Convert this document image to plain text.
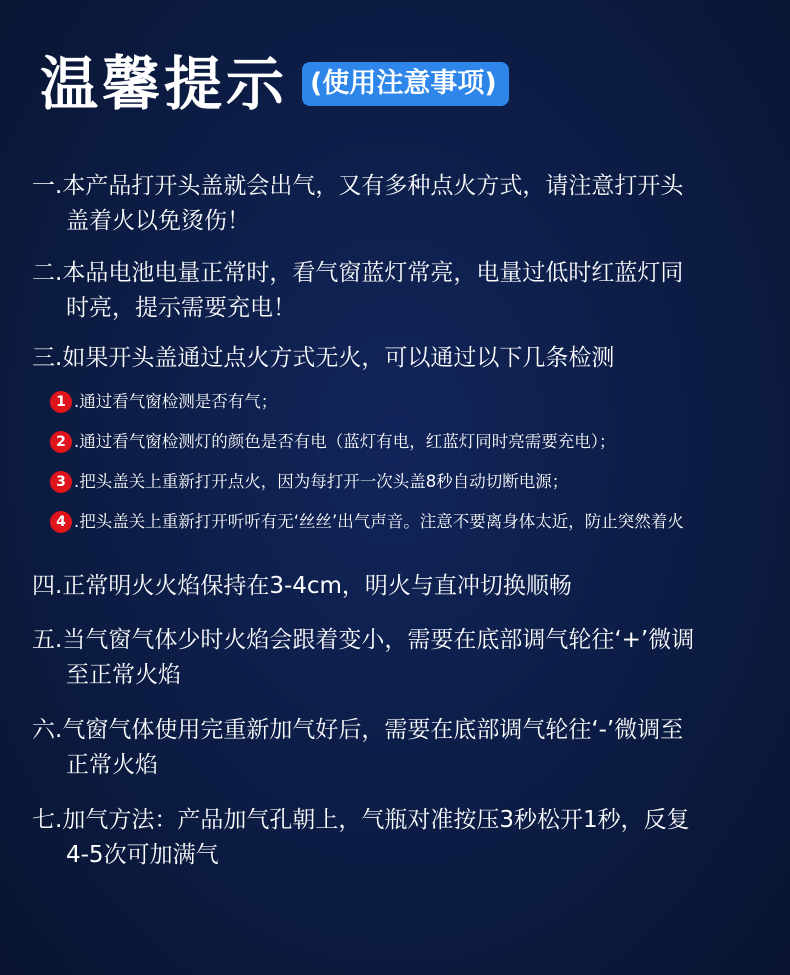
温馨提示 (使用注意事项)
一.本产品打开头盖就会出气，又有多种点火方式，请注意打开头
盖着火以免烫伤！
二.本品电池电量正常时，看气窗蓝灯常亮，电量过低时红蓝灯同
时亮，提示需要充电！
三.如果开头盖通过点火方式无火，可以通过以下几条检测
1 .通过看气窗检测是否有气；
2 .通过看气窗检测灯的颜色是否有电（蓝灯有电，红蓝灯同时亮需要充电）；
3 .把头盖关上重新打开点火，因为每打开一次头盖8秒自动切断电源；
4 .把头盖关上重新打开听听有无‘丝丝’出气声音。注意不要离身体太近，防止突然着火
四.正常明火火焰保持在3-4cm，明火与直冲切换顺畅
五.当气窗气体少时火焰会跟着变小，需要在底部调气轮往‘+’微调
至正常火焰
六.气窗气体使用完重新加气好后，需要在底部调气轮往‘-’微调至
正常火焰
七.加气方法：产品加气孔朝上，气瓶对准按压3秒松开1秒，反复
4-5次可加满气
